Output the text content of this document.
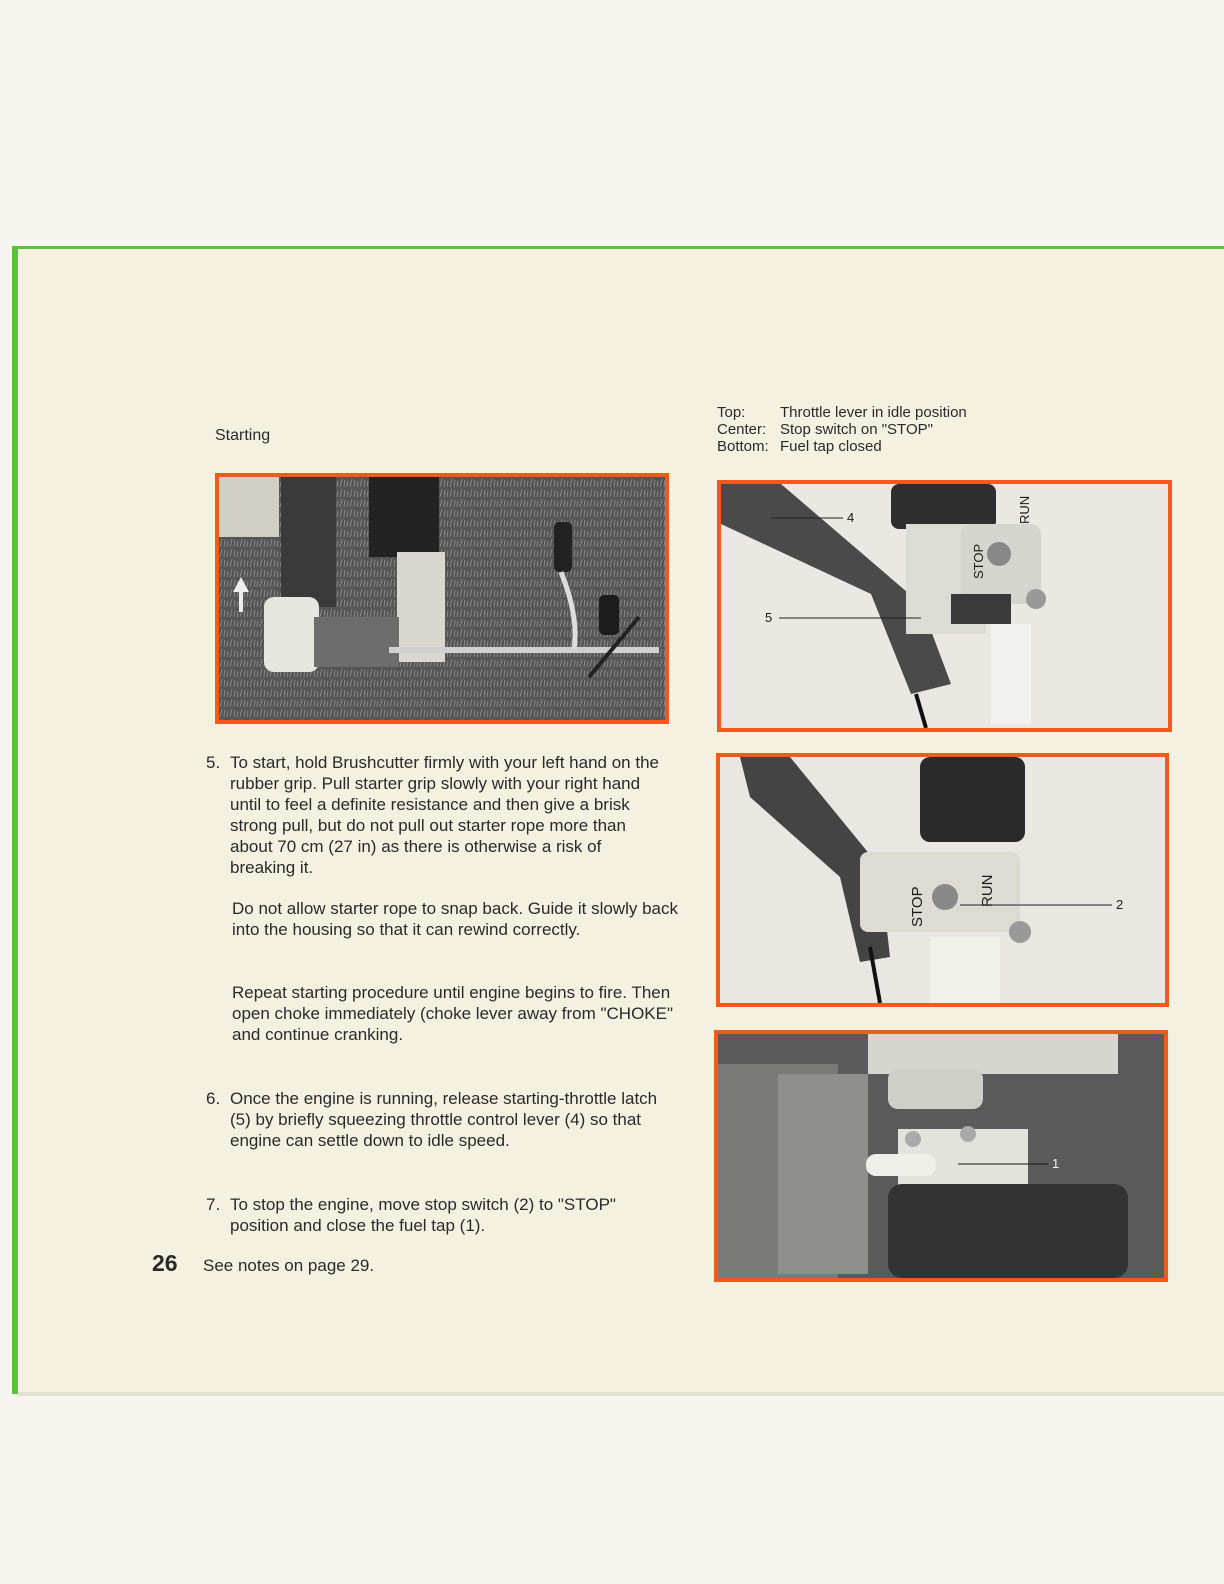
Starting
Top:	Throttle lever in idle position
Center: Stop switch on "STOP"
Bottom: Fuel tap closed
4
5
STOP
RUN
2
STOP	RUN
1
5. To start, hold Brushcutter firmly with your left hand on the rubber grip. Pull starter grip slowly with your right hand until to feel a definite resistance and then give a brisk strong pull, but do not pull out starter rope more than about 70 cm (27 in) as there is otherwise a risk of breaking it.
Do not allow starter rope to snap back. Guide it slowly back into the housing so that it can rewind correctly.
Repeat starting procedure until engine begins to fire. Then open choke immediately (choke lever away from "CHOKE" and continue cranking.
6. Once the engine is running, release starting-throttle latch (5) by briefly squeezing throttle control lever (4) so that engine can settle down to idle speed.
7. To stop the engine, move stop switch (2) to "STOP" position and close the fuel tap (1).
26 See notes on page 29.
